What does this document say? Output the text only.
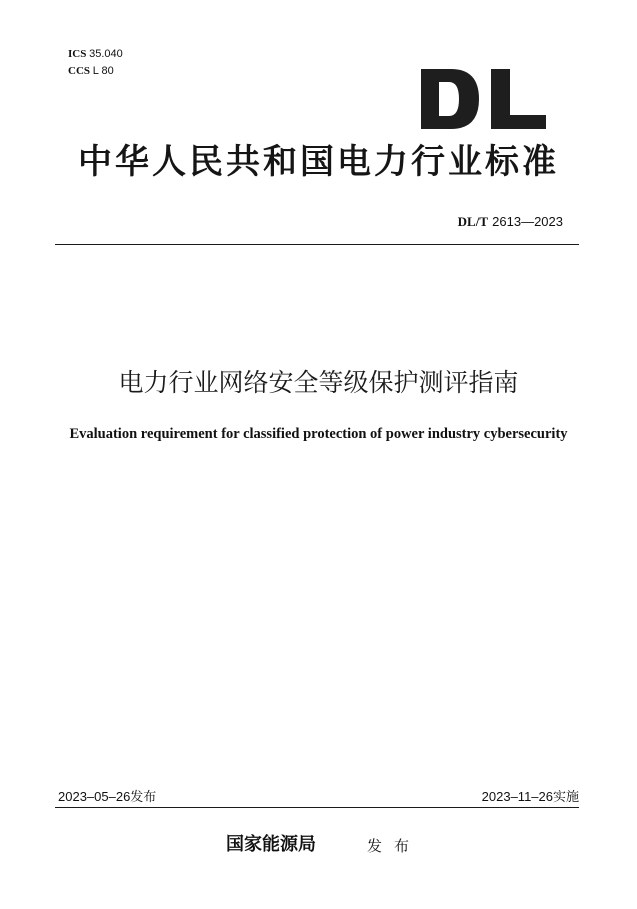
ICS 35.040
CCS L 80
中华人民共和国电力行业标准
DL/T 2613—2023
电力行业网络安全等级保护测评指南
Evaluation requirement for classified protection of power industry cybersecurity
2023–05–26发布	2023–11–26实施
国家能源局	发布
